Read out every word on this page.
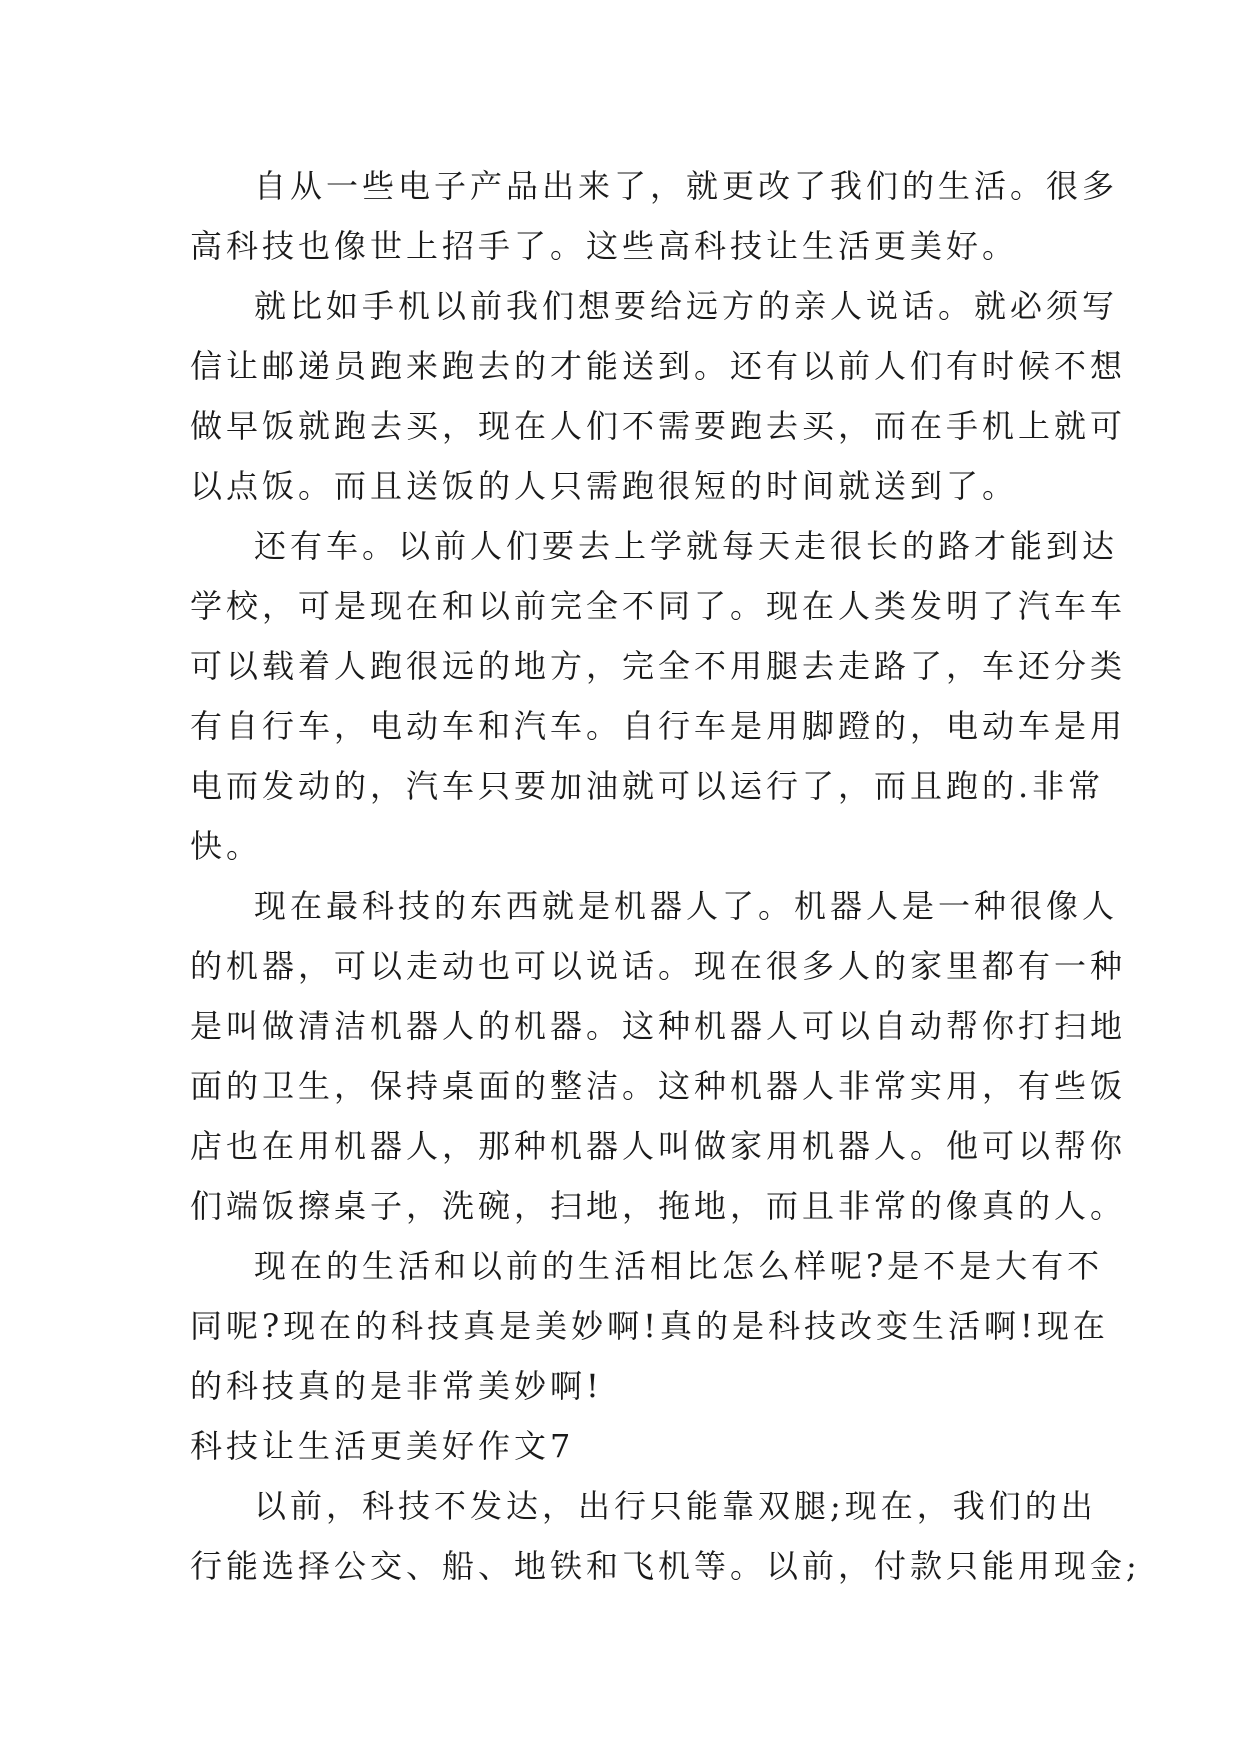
自从一些电子产品出来了，就更改了我们的生活。很多
高科技也像世上招手了。这些高科技让生活更美好。
就比如手机以前我们想要给远方的亲人说话。就必须写
信让邮递员跑来跑去的才能送到。还有以前人们有时候不想
做早饭就跑去买，现在人们不需要跑去买，而在手机上就可
以点饭。而且送饭的人只需跑很短的时间就送到了。
还有车。以前人们要去上学就每天走很长的路才能到达
学校，可是现在和以前完全不同了。现在人类发明了汽车车
可以载着人跑很远的地方，完全不用腿去走路了，车还分类
有自行车，电动车和汽车。自行车是用脚蹬的，电动车是用
电而发动的，汽车只要加油就可以运行了，而且跑的.非常
快。
现在最科技的东西就是机器人了。机器人是一种很像人
的机器，可以走动也可以说话。现在很多人的家里都有一种
是叫做清洁机器人的机器。这种机器人可以自动帮你打扫地
面的卫生，保持桌面的整洁。这种机器人非常实用，有些饭
店也在用机器人，那种机器人叫做家用机器人。他可以帮你
们端饭擦桌子，洗碗，扫地，拖地，而且非常的像真的人。
现在的生活和以前的生活相比怎么样呢?是不是大有不
同呢?现在的科技真是美妙啊!真的是科技改变生活啊!现在
的科技真的是非常美妙啊!
科技让生活更美好作文7
以前，科技不发达，出行只能靠双腿;现在，我们的出
行能选择公交、船、地铁和飞机等。以前，付款只能用现金;
